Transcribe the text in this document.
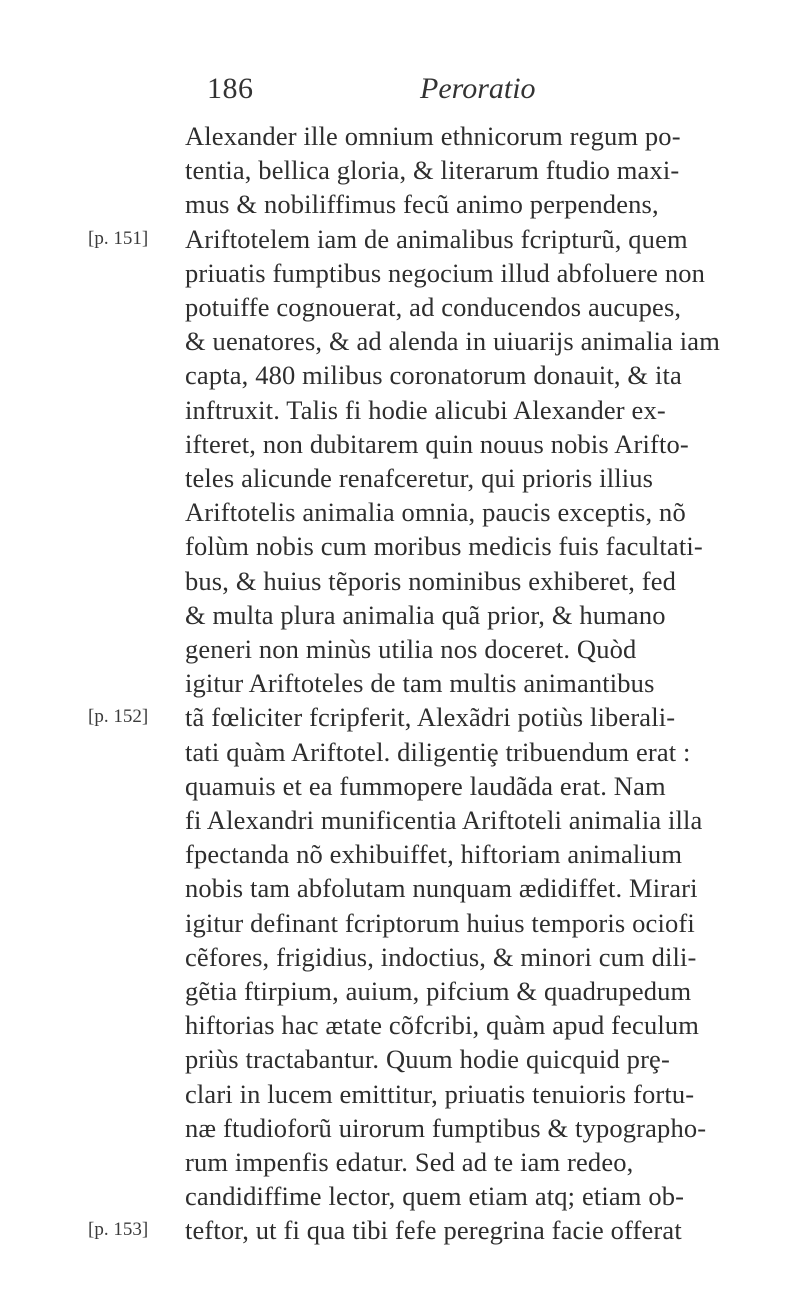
186	Peroratio
Alexander ille omnium ethnicorum regum po-
tentia, bellica gloria, & literarum ftudio maxi-
mus & nobiliffimus fecũ animo perpendens,
[p. 151] Ariftotelem iam de animalibus fcripturũ, quem
priuatis fumptibus negocium illud abfoluere non
potuiffe cognouerat, ad conducendos aucupes,
& uenatores, & ad alenda in uiuarijs animalia iam
capta, 480 milibus coronatorum donauit, & ita
inftruxit. Talis fi hodie alicubi Alexander ex-
ifteret, non dubitarem quin nouus nobis Arifto-
teles alicunde renafceretur, qui prioris illius
Ariftotelis animalia omnia, paucis exceptis, nõ
folùm nobis cum moribus medicis fuis facultati-
bus, & huius tẽporis nominibus exhiberet, fed
& multa plura animalia quã prior, & humano
generi non minùs utilia nos doceret. Quòd
igitur Ariftoteles de tam multis animantibus
[p. 152] tã fœliciter fcripferit, Alexãdri potiùs liberali-
tati quàm Ariftotel. diligentiȩ tribuendum erat :
quamuis et ea fummopere laudãda erat. Nam
fi Alexandri munificentia Ariftoteli animalia illa
fpectanda nõ exhibuiffet, hiftoriam animalium
nobis tam abfolutam nunquam ædidiffet. Mirari
igitur definant fcriptorum huius temporis ociofi
cẽfores, frigidius, indoctius, & minori cum dili-
gẽtia ftirpium, auium, pifcium & quadrupedum
hiftorias hac ætate cõfcribi, quàm apud feculum
priùs tractabantur. Quum hodie quicquid prȩ-
clari in lucem emittitur, priuatis tenuioris fortu-
næ ftudioforũ uirorum fumptibus & typographo-
rum impenfis edatur. Sed ad te iam redeo,
candidiffime lector, quem etiam atq; etiam ob-
[p. 153] teftor, ut fi qua tibi fefe peregrina facie offerat
